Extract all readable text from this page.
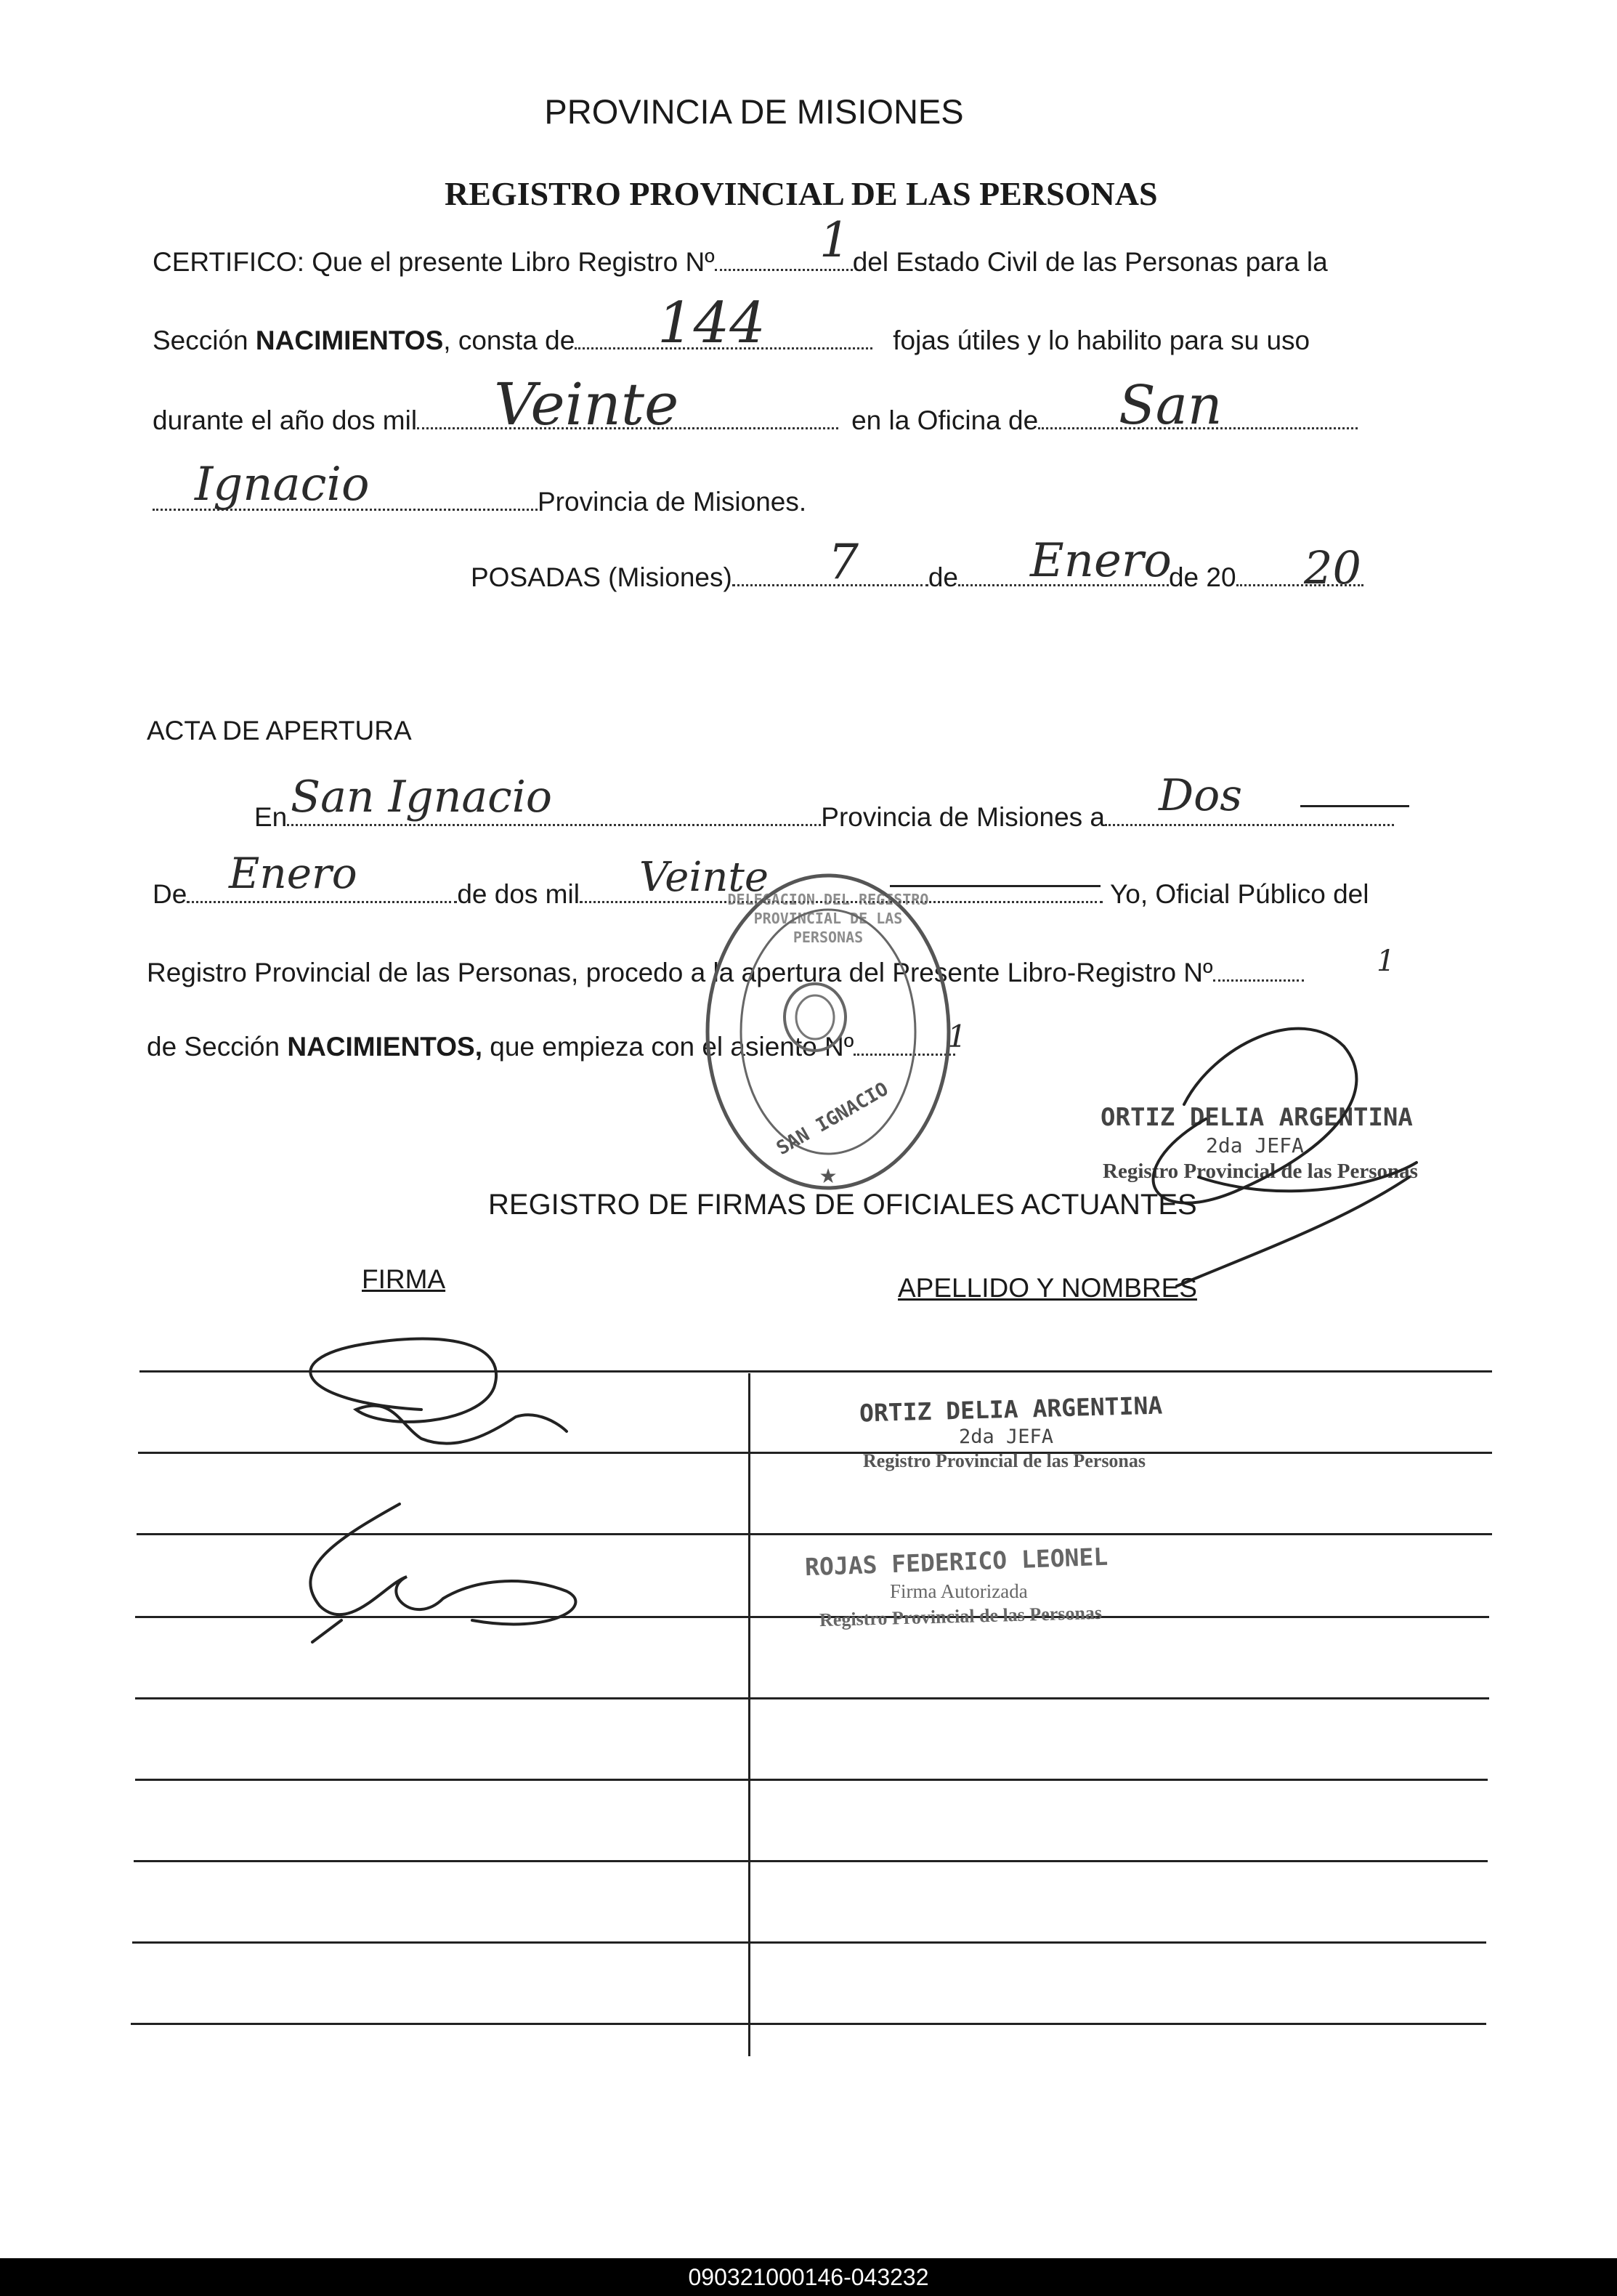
PROVINCIA DE MISIONES
REGISTRO PROVINCIAL DE LAS PERSONAS
CERTIFICO: Que el presente Libro Registro Nº	del Estado Civil de las Personas para la
1
Sección NACIMIENTOS, consta de	fojas útiles y lo habilito para su uso
144
durante el año dos mil	en la Oficina de
Veinte	San
Provincia de Misiones.
Ignacio
POSADAS (Misiones)	de	de 20
7	Enero	20
ACTA DE APERTURA
En	Provincia de Misiones a
San Ignacio	Dos
De	de dos mil	Yo, Oficial Público del
Enero	Veinte
Registro Provincial de las Personas, procedo a la apertura del Presente Libro-Registro Nº	1
de Sección NACIMIENTOS, que empieza con el asiento Nº	1
★
DELEGACION DEL REGISTRO PROVINCIAL DE LAS PERSONAS
SAN IGNACIO	ORTIZ DELIA ARGENTINA
2da JEFA
Registro Provincial de las Personas
REGISTRO DE FIRMAS DE OFICIALES ACTUANTES
FIRMA	APELLIDO Y NOMBRES
ORTIZ DELIA ARGENTINA
2da JEFA
Registro Provincial de las Personas
ROJAS FEDERICO LEONEL
Firma Autorizada
Registro Provincial de las Personas
090321000146-043232
